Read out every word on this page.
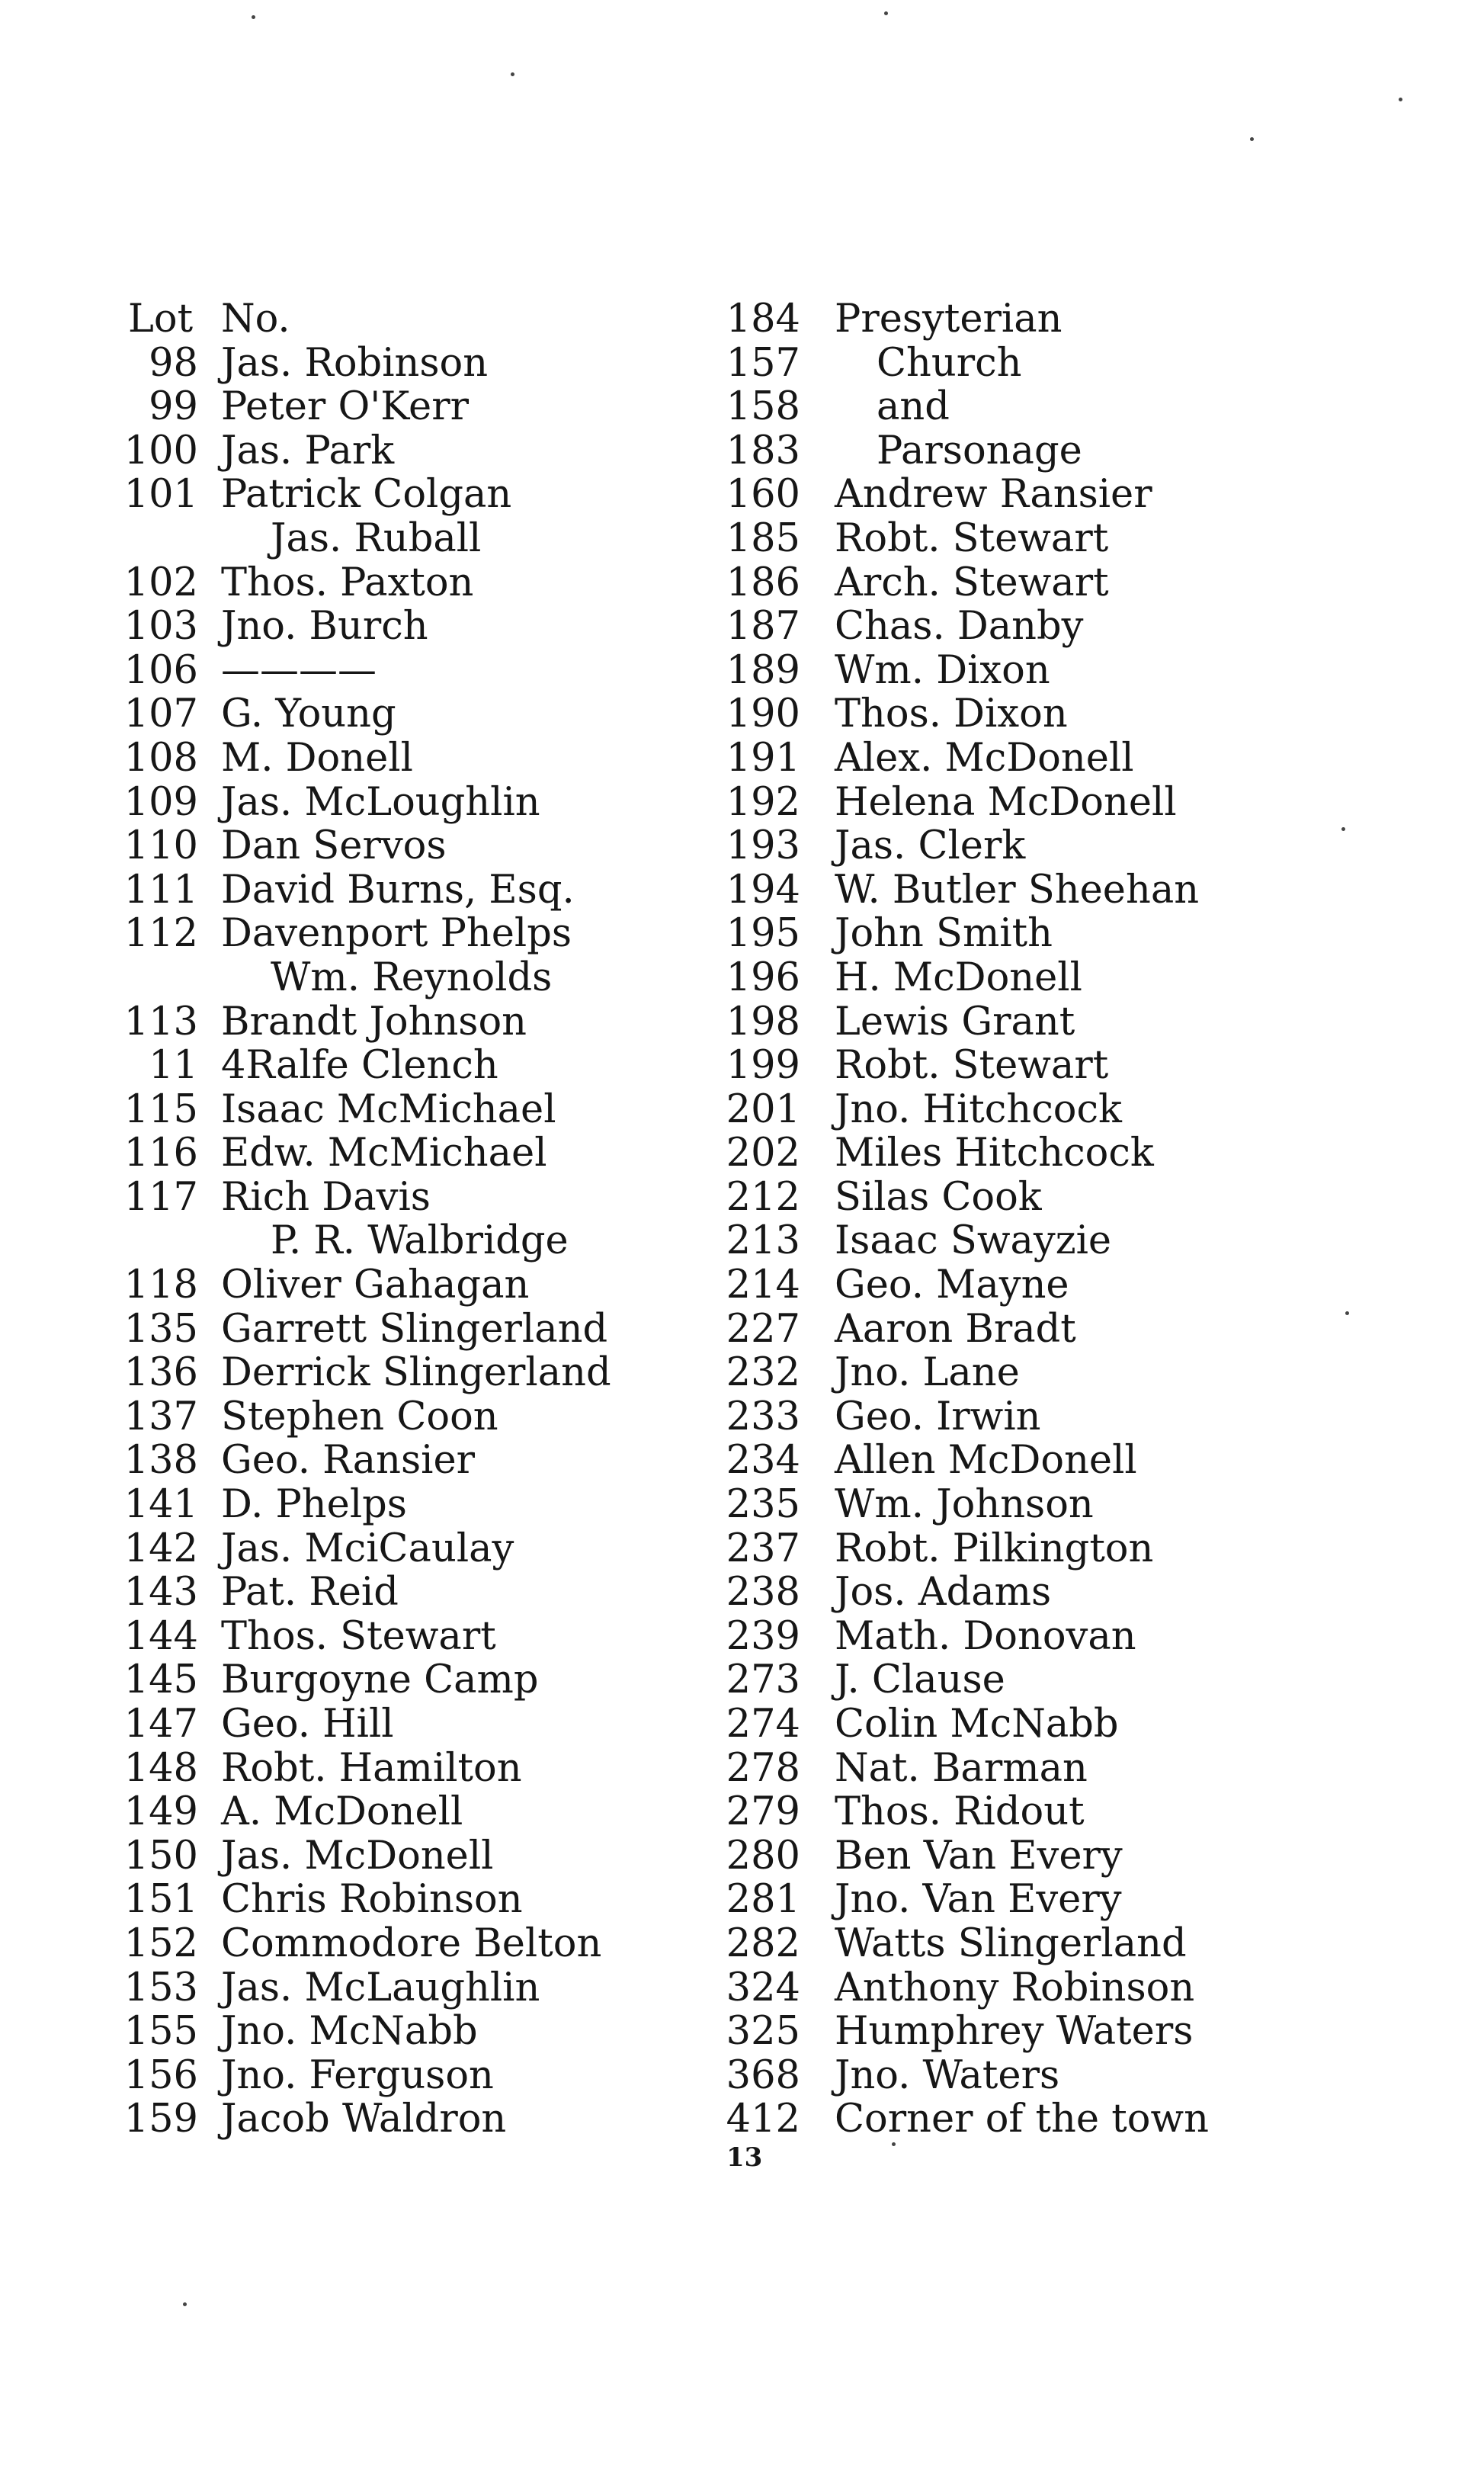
Lot No.
98 Jas. Robinson
99 Peter O'Kerr
100 Jas. Park
101 Patrick Colgan
Jas. Ruball
102 Thos. Paxton
103 Jno. Burch
106 ————
107 G. Young
108 M. Donell
109 Jas. McLoughlin
110 Dan Servos
111 David Burns, Esq.
112 Davenport Phelps
Wm. Reynolds
113 Brandt Johnson
11 4Ralfe Clench
115 Isaac McMichael
116 Edw. McMichael
117 Rich Davis
P. R. Walbridge
118 Oliver Gahagan
135 Garrett Slingerland
136 Derrick Slingerland
137 Stephen Coon
138 Geo. Ransier
141 D. Phelps
142 Jas. MciCaulay
143 Pat. Reid
144 Thos. Stewart
145 Burgoyne Camp
147 Geo. Hill
148 Robt. Hamilton
149 A. McDonell
150 Jas. McDonell
151 Chris Robinson
152 Commodore Belton
153 Jas. McLaughlin
155 Jno. McNabb
156 Jno. Ferguson
159 Jacob Waldron
184 Presyterian
157 Church
158 and
183 Parsonage
160 Andrew Ransier
185 Robt. Stewart
186 Arch. Stewart
187 Chas. Danby
189 Wm. Dixon
190 Thos. Dixon
191 Alex. McDonell
192 Helena McDonell
193 Jas. Clerk
194 W. Butler Sheehan
195 John Smith
196 H. McDonell
198 Lewis Grant
199 Robt. Stewart
201 Jno. Hitchcock
202 Miles Hitchcock
212 Silas Cook
213 Isaac Swayzie
214 Geo. Mayne
227 Aaron Bradt
232 Jno. Lane
233 Geo. Irwin
234 Allen McDonell
235 Wm. Johnson
237 Robt. Pilkington
238 Jos. Adams
239 Math. Donovan
273 J. Clause
274 Colin McNabb
278 Nat. Barman
279 Thos. Ridout
280 Ben Van Every
281 Jno. Van Every
282 Watts Slingerland
324 Anthony Robinson
325 Humphrey Waters
368 Jno. Waters
412 Corner of the town
13
